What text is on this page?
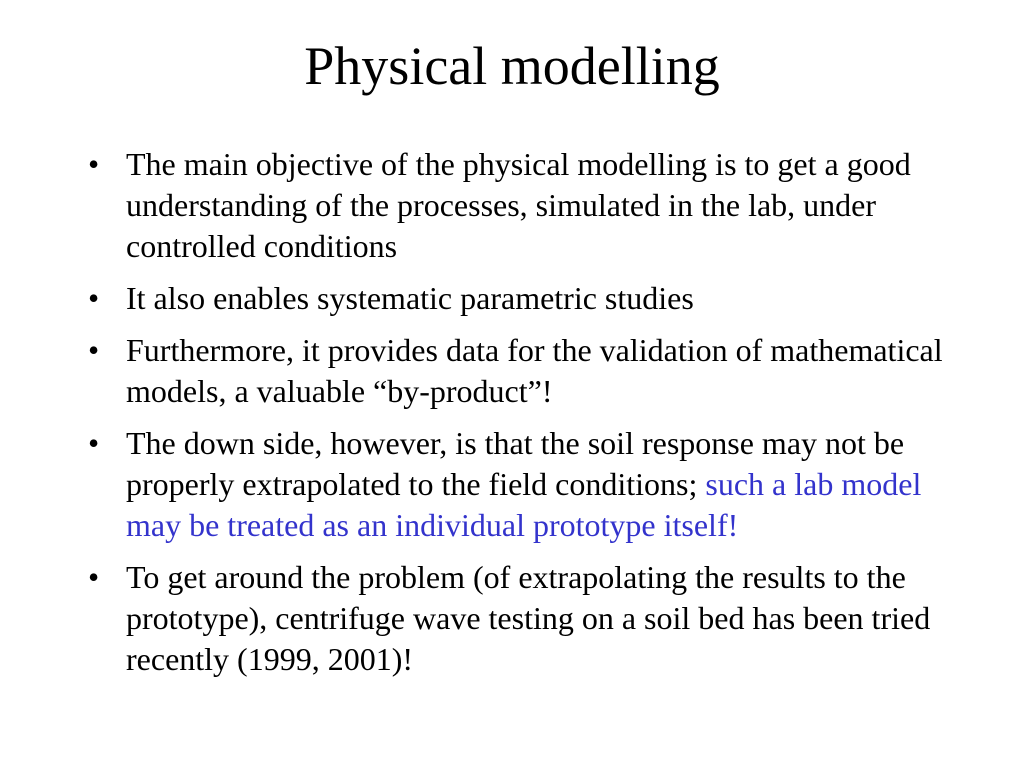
Physical modelling
• The main objective of the physical modelling is to get a good understanding of the processes, simulated in the lab, under controlled conditions
• It also enables systematic parametric studies
• Furthermore, it provides data for the validation of mathematical models, a valuable “by-product”!
• The down side, however, is that the soil response may not be properly extrapolated to the field conditions; such a lab model may be treated as an individual prototype itself!
• To get around the problem (of extrapolating the results to the prototype), centrifuge wave testing on a soil bed has been tried recently (1999, 2001)!
